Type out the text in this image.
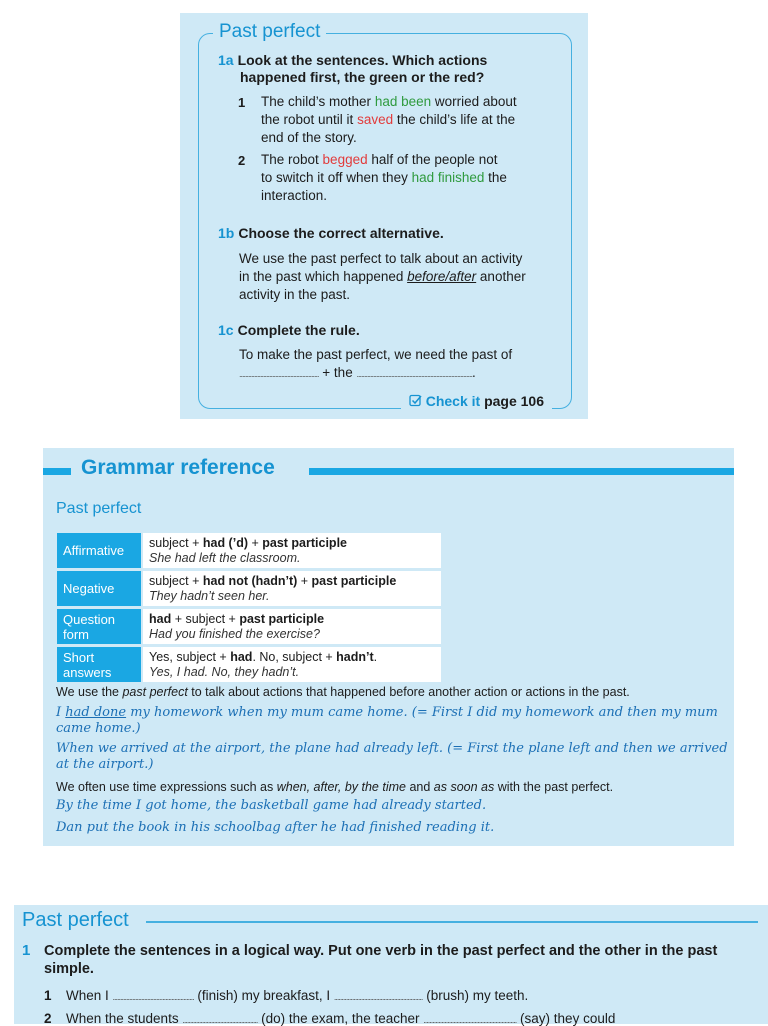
Past perfect
1a Look at the sentences. Which actions
happened first, the green or the red?
1 The child’s mother had been worried about
the robot until it saved the child’s life at the
end of the story.
2 The robot begged half of the people not
to switch it off when they had finished the
interaction.
1b Choose the correct alternative.
We use the past perfect to talk about an activity
in the past which happened before/after another
activity in the past.
1c Complete the rule.
To make the past perfect, we need the past of
..................................................... + the ..............................................................................
Check it page 106
Grammar reference
Past perfect
Affirmative	subject + had (’d) + past participle
She had left the classroom.
Negative	subject + had not (hadn’t) + past participle
They hadn’t seen her.
Question form	had + subject + past participle
Had you finished the exercise?
Short answers	Yes, subject + had. No, subject + hadn’t.
Yes, I had. No, they hadn’t.
We use the past perfect to talk about actions that happened before another action or actions in the past.
I had done my homework when my mum came home. (= First I did my homework and then my mum
came home.)
When we arrived at the airport, the plane had already left. (= First the plane left and then we arrived
at the airport.)
We often use time expressions such as when, after, by the time and as soon as with the past perfect.
By the time I got home, the basketball game had already started.
Dan put the book in his schoolbag after he had finished reading it.
Past perfect
1 Complete the sentences in a logical way. Put one verb in the past perfect and the other in the past simple.
1 When I ...................................................... (finish) my breakfast, I ........................................................... (brush) my teeth.
2 When the students .................................................. (do) the exam, the teacher .............................................................. (say) they could
